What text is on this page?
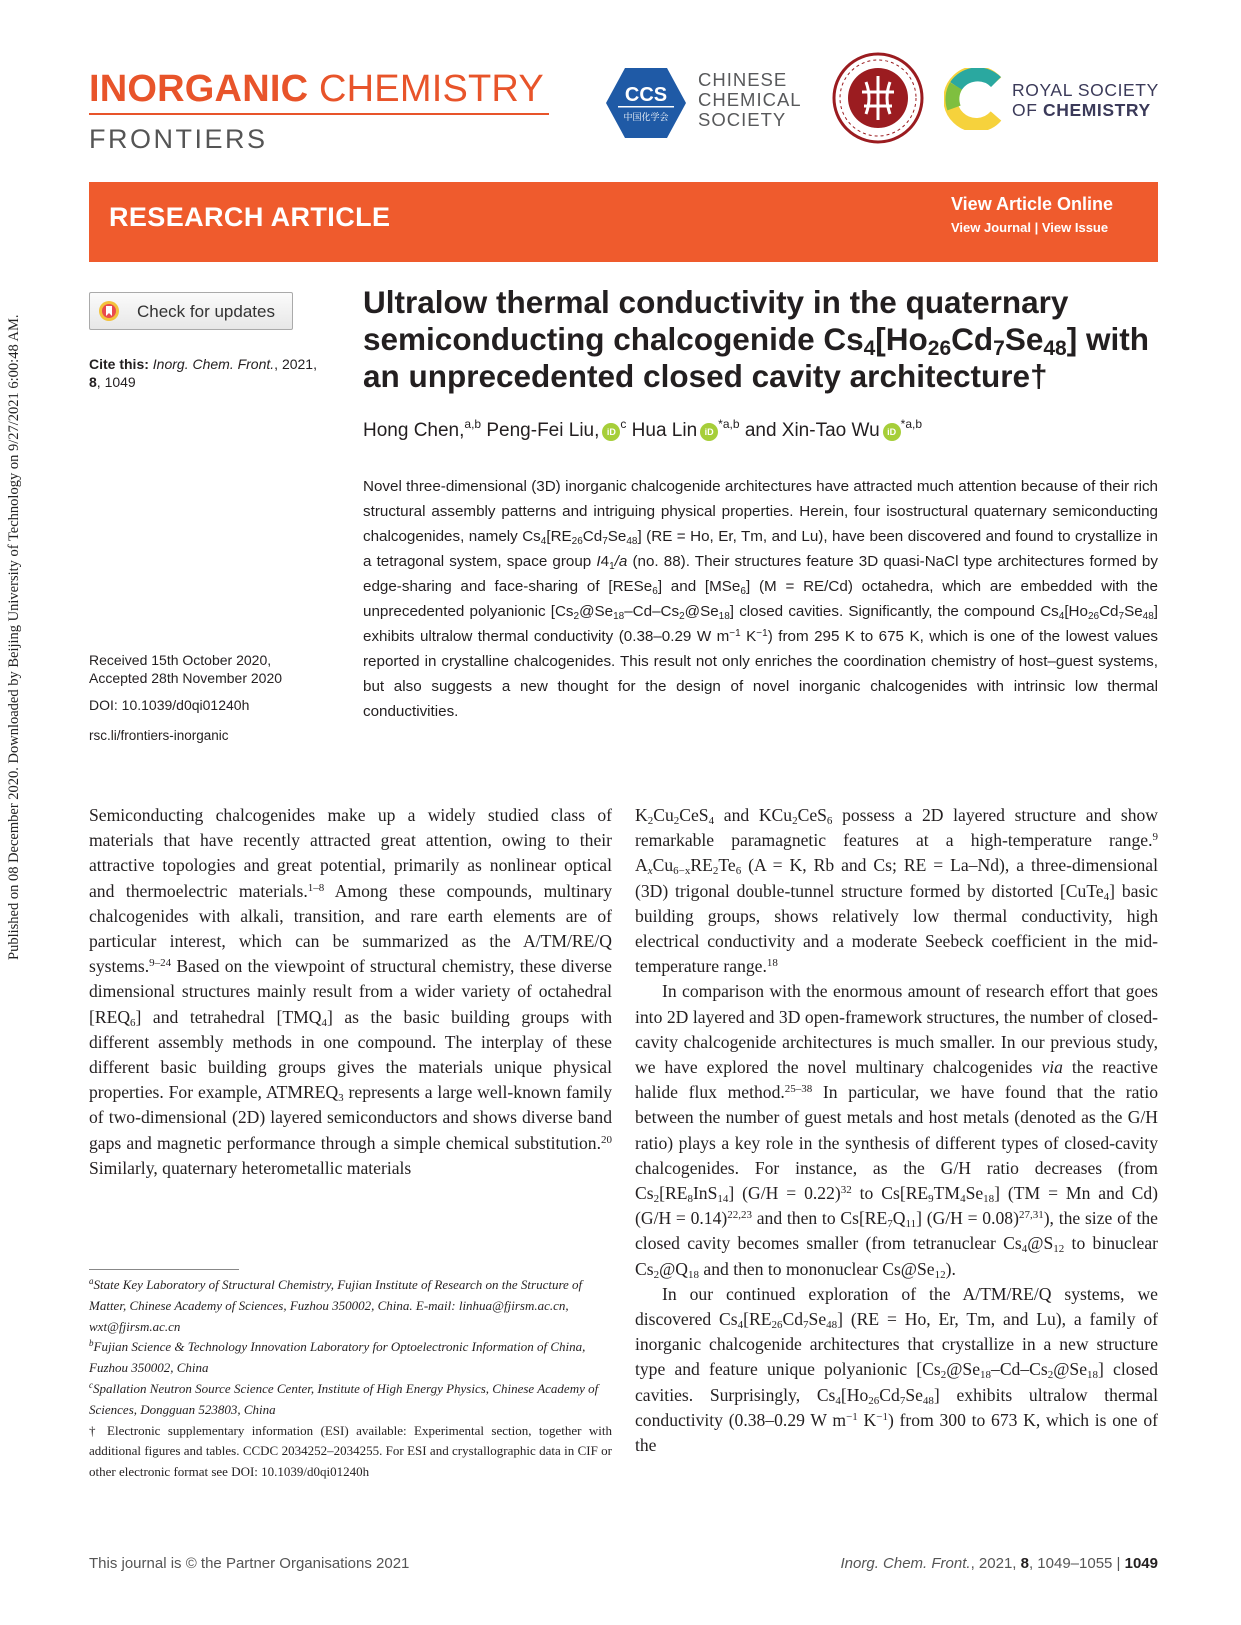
Published on 08 December 2020. Downloaded by Beijing University of Technology on 9/27/2021 6:00:48 AM.
INORGANIC CHEMISTRY
FRONTIERS
CCS
中国化学会
CHINESE
CHEMICAL
SOCIETY
ROYAL SOCIETY
OF CHEMISTRY
RESEARCH ARTICLE	View Article Online
View Journal | View Issue
Check for updates
Cite this: Inorg. Chem. Front., 2021,
8, 1049
Received 15th October 2020,
Accepted 28th November 2020
DOI: 10.1039/d0qi01240h
rsc.li/frontiers-inorganic
Ultralow thermal conductivity in the quaternary semiconducting chalcogenide $Cs_4[Ho_{26}Cd_7Se_{48}]$ with an unprecedented closed cavity architecture†
Hong Chen,$^{a,b}$ Peng-Fei Liu, $iD^c$ Hua Lin iD$^{*a,b}$ and Xin-Tao Wu iD$^{*a,b}$
Novel three-dimensional (3D) inorganic chalcogenide architectures have attracted much attention because of their rich structural assembly patterns and intriguing physical properties. Herein, four isostructural quaternary semiconducting chalcogenides, namely $Cs_4[RE_{26}Cd_7Se_{48}] (RE = Ho$, Er, Tm, and Lu), have been discovered and found to crystallize in a tetragonal system, space group $I4_1/a$ (no. 88). Their structures feature 3D quasi-NaCl type architectures formed by edge-sharing and face-sharing of [RESe$_6$] and [MSe$_6$] (M = RE/Cd) octahedra, which are embedded with the unprecedented polyanionic $[Cs_2@Se_{18}-Cd-Cs_2@Se_{18}]$ closed cavities. Significantly, the compound $Cs_4[Ho_{26}Cd_7Se_{48}]$ exhibits ultralow thermal conductivity (0.38–0.29 W $m^{-1}$ $K^{-1}$) from 295 K to 675 K, which is one of the lowest values reported in crystalline chalcogenides. This result not only enriches the coordination chemistry of host–guest systems, but also suggests a new thought for the design of novel inorganic chalcogenides with intrinsic low thermal conductivities.

Semiconducting chalcogenides make up a widely studied class of materials that have recently attracted great attention, owing to their attractive topologies and great potential, primarily as nonlinear optical and thermoelectric materials.$^{1-8}$ Among these compounds, multinary chalcogenides with alkali, transition, and rare earth elements are of particular interest, which can be summarized as the A/TM/RE/Q systems.$^{9-24}$ Based on the viewpoint of structural chemistry, these diverse dimensional structures mainly result from a wider variety of octahedral $[REQ_6]$ and tetrahedral $[TMQ_4]$ as the basic building groups with different assembly methods in one compound. The interplay of these different basic building groups gives the materials unique physical properties. For example, $ATMREQ_3$ represents a large well-known family of two-dimensional (2D) layered semiconductors and shows diverse band gaps and magnetic performance through a simple chemical substitution.$^{20}$ Similarly, quaternary heterometallic materials

$K_2Cu_2CeS_4$ and KCu$_2$CeS$_6$ possess a 2D layered structure and show remarkable paramagnetic features at a high-temperature range.$^9$ $A_xCu_{6-x}RE_2Te_6$ (A = K, Rb and Cs; RE = La–Nd), a three-dimensional (3D) trigonal double-tunnel structure formed by distorted [CuTe$_4$] basic building groups, shows relatively low thermal conductivity, high electrical conductivity and a moderate Seebeck coefficient in the mid-temperature range.$^{18}$

In comparison with the enormous amount of research effort that goes into 2D layered and 3D open-framework structures, the number of closed-cavity chalcogenide architectures is much smaller. In our previous study, we have explored the novel multinary chalcogenides via the reactive halide flux method.$^{25-38}$ In particular, we have found that the ratio between the number of guest metals and host metals (denoted as the G/H ratio) plays a key role in the synthesis of different types of closed-cavity chalcogenides. For instance, as the G/H ratio decreases (from $Cs_2[RE_8InS_{14}] (G/H = 0.22)^{32}$ to $Cs[RE_9TM_4Se_{18}] (TM = Mn$ and Cd) (G/H = 0.14)$^{22,23}$ and then to $Cs[RE_7Q_{11}] (G/H = 0.08)^{27,31}$), the size of the closed cavity becomes smaller (from tetranuclear $Cs_4@S_{12}$ to binuclear $Cs_2@Q_{18}$ and then to mononuclear $Cs@Se_{12}$).

In our continued exploration of the A/TM/RE/Q systems, we discovered $Cs_4[RE_{26}Cd_7Se_{48}] (RE = Ho$, Er, Tm, and Lu), a family of inorganic chalcogenide architectures that crystallize in a new structure type and feature unique polyanionic $[Cs_2@Se_{18}-Cd-Cs_2@Se_{18}]$ closed cavities. Surprisingly, $Cs_4[Ho_{26}Cd_7Se_{48}]$ exhibits ultralow thermal conductivity (0.38–0.29 W $m^{-1}$ $K^{-1}$) from 300 to 673 K, which is one of the

$^a$State Key Laboratory of Structural Chemistry, Fujian Institute of Research on the Structure of Matter, Chinese Academy of Sciences, Fuzhou 350002, China. E-mail: linhua@fjirsm.ac.cn, wxt@fjirsm.ac.cn

$^b$Fujian Science & Technology Innovation Laboratory for Optoelectronic Information of China, Fuzhou 350002, China

$^c$Spallation Neutron Source Science Center, Institute of High Energy Physics, Chinese Academy of Sciences, Dongguan 523803, China

† Electronic supplementary information (ESI) available: Experimental section, together with additional figures and tables. CCDC 2034252–2034255. For ESI and crystallographic data in CIF or other electronic format see DOI: 10.1039/d0qi01240h

This journal is © the Partner Organisations 2021	Inorg. Chem. Front., 2021, 8, 1049–1055 | 1049
